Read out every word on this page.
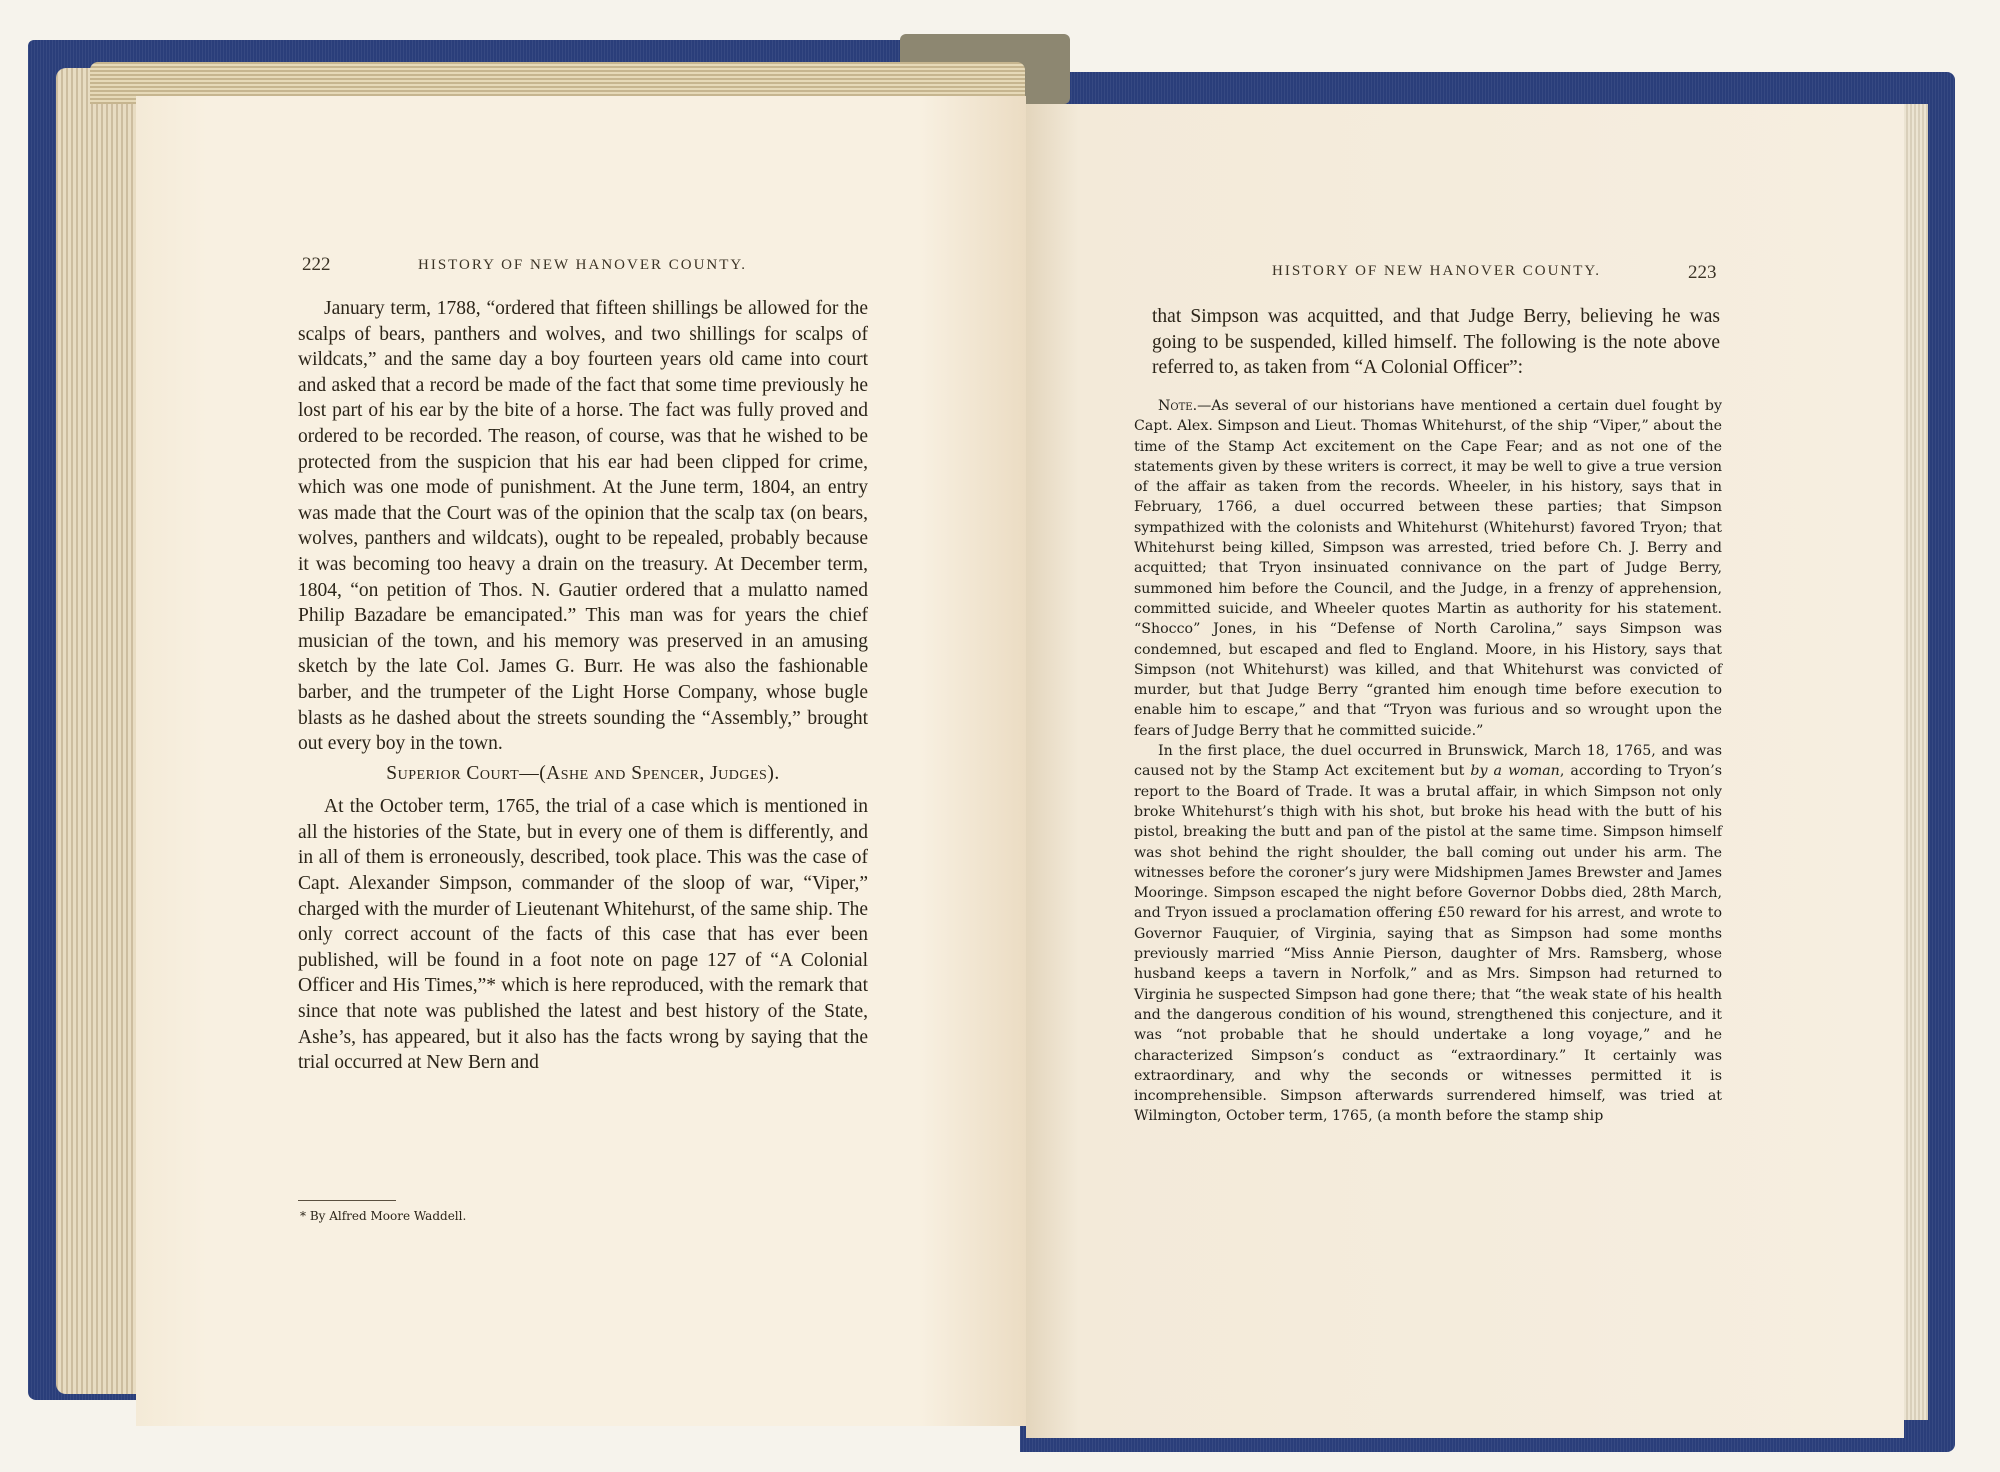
222	HISTORY OF NEW HANOVER COUNTY.

January term, 1788, “ordered that fifteen shillings be allowed for the scalps of bears, panthers and wolves, and two shillings for scalps of wildcats,” and the same day a boy fourteen years old came into court and asked that a record be made of the fact that some time previously he lost part of his ear by the bite of a horse. The fact was fully proved and ordered to be recorded. The reason, of course, was that he wished to be protected from the suspicion that his ear had been clipped for crime, which was one mode of punishment. At the June term, 1804, an entry was made that the Court was of the opinion that the scalp tax (on bears, wolves, panthers and wildcats), ought to be repealed, probably because it was becoming too heavy a drain on the treasury. At December term, 1804, “on petition of Thos. N. Gautier ordered that a mulatto named Philip Bazadare be emancipated.” This man was for years the chief musician of the town, and his memory was preserved in an amusing sketch by the late Col. James G. Burr. He was also the fashionable barber, and the trumpeter of the Light Horse Company, whose bugle blasts as he dashed about the streets sounding the “Assembly,” brought out every boy in the town.

Superior Court—(Ashe and Spencer, Judges).

At the October term, 1765, the trial of a case which is mentioned in all the histories of the State, but in every one of them is differently, and in all of them is erroneously, described, took place. This was the case of Capt. Alexander Simpson, commander of the sloop of war, “Viper,” charged with the murder of Lieutenant Whitehurst, of the same ship. The only correct account of the facts of this case that has ever been published, will be found in a foot note on page 127 of “A Colonial Officer and His Times,”* which is here reproduced, with the remark that since that note was published the latest and best history of the State, Ashe’s, has appeared, but it also has the facts wrong by saying that the trial occurred at New Bern and

* By Alfred Moore Waddell.
HISTORY OF NEW HANOVER COUNTY.	223

that Simpson was acquitted, and that Judge Berry, believing he was going to be suspended, killed himself. The following is the note above referred to, as taken from “A Colonial Officer”:

Note.—As several of our historians have mentioned a certain duel fought by Capt. Alex. Simpson and Lieut. Thomas Whitehurst, of the ship “Viper,” about the time of the Stamp Act excitement on the Cape Fear; and as not one of the statements given by these writers is correct, it may be well to give a true version of the affair as taken from the records. Wheeler, in his history, says that in February, 1766, a duel occurred between these parties; that Simpson sympathized with the colonists and Whitehurst (Whitehurst) favored Tryon; that Whitehurst being killed, Simpson was arrested, tried before Ch. J. Berry and acquitted; that Tryon insinuated connivance on the part of Judge Berry, summoned him before the Council, and the Judge, in a frenzy of apprehension, committed suicide, and Wheeler quotes Martin as authority for his statement. “Shocco” Jones, in his “Defense of North Carolina,” says Simpson was condemned, but escaped and fled to England. Moore, in his History, says that Simpson (not Whitehurst) was killed, and that Whitehurst was convicted of murder, but that Judge Berry “granted him enough time before execution to enable him to escape,” and that “Tryon was furious and so wrought upon the fears of Judge Berry that he committed suicide.”

In the first place, the duel occurred in Brunswick, March 18, 1765, and was caused not by the Stamp Act excitement but by a woman, according to Tryon’s report to the Board of Trade. It was a brutal affair, in which Simpson not only broke Whitehurst’s thigh with his shot, but broke his head with the butt of his pistol, breaking the butt and pan of the pistol at the same time. Simpson himself was shot behind the right shoulder, the ball coming out under his arm. The witnesses before the coroner’s jury were Midshipmen James Brewster and James Mooringe. Simpson escaped the night before Governor Dobbs died, 28th March, and Tryon issued a proclamation offering £50 reward for his arrest, and wrote to Governor Fauquier, of Virginia, saying that as Simpson had some months previously married “Miss Annie Pierson, daughter of Mrs. Ramsberg, whose husband keeps a tavern in Norfolk,” and as Mrs. Simpson had returned to Virginia he suspected Simpson had gone there; that “the weak state of his health and the dangerous condition of his wound, strengthened this conjecture, and it was “not probable that he should undertake a long voyage,” and he characterized Simpson’s conduct as “extraordinary.” It certainly was extraordinary, and why the seconds or witnesses permitted it is incomprehensible. Simpson afterwards surrendered himself, was tried at Wilmington, October term, 1765, (a month before the stamp ship
